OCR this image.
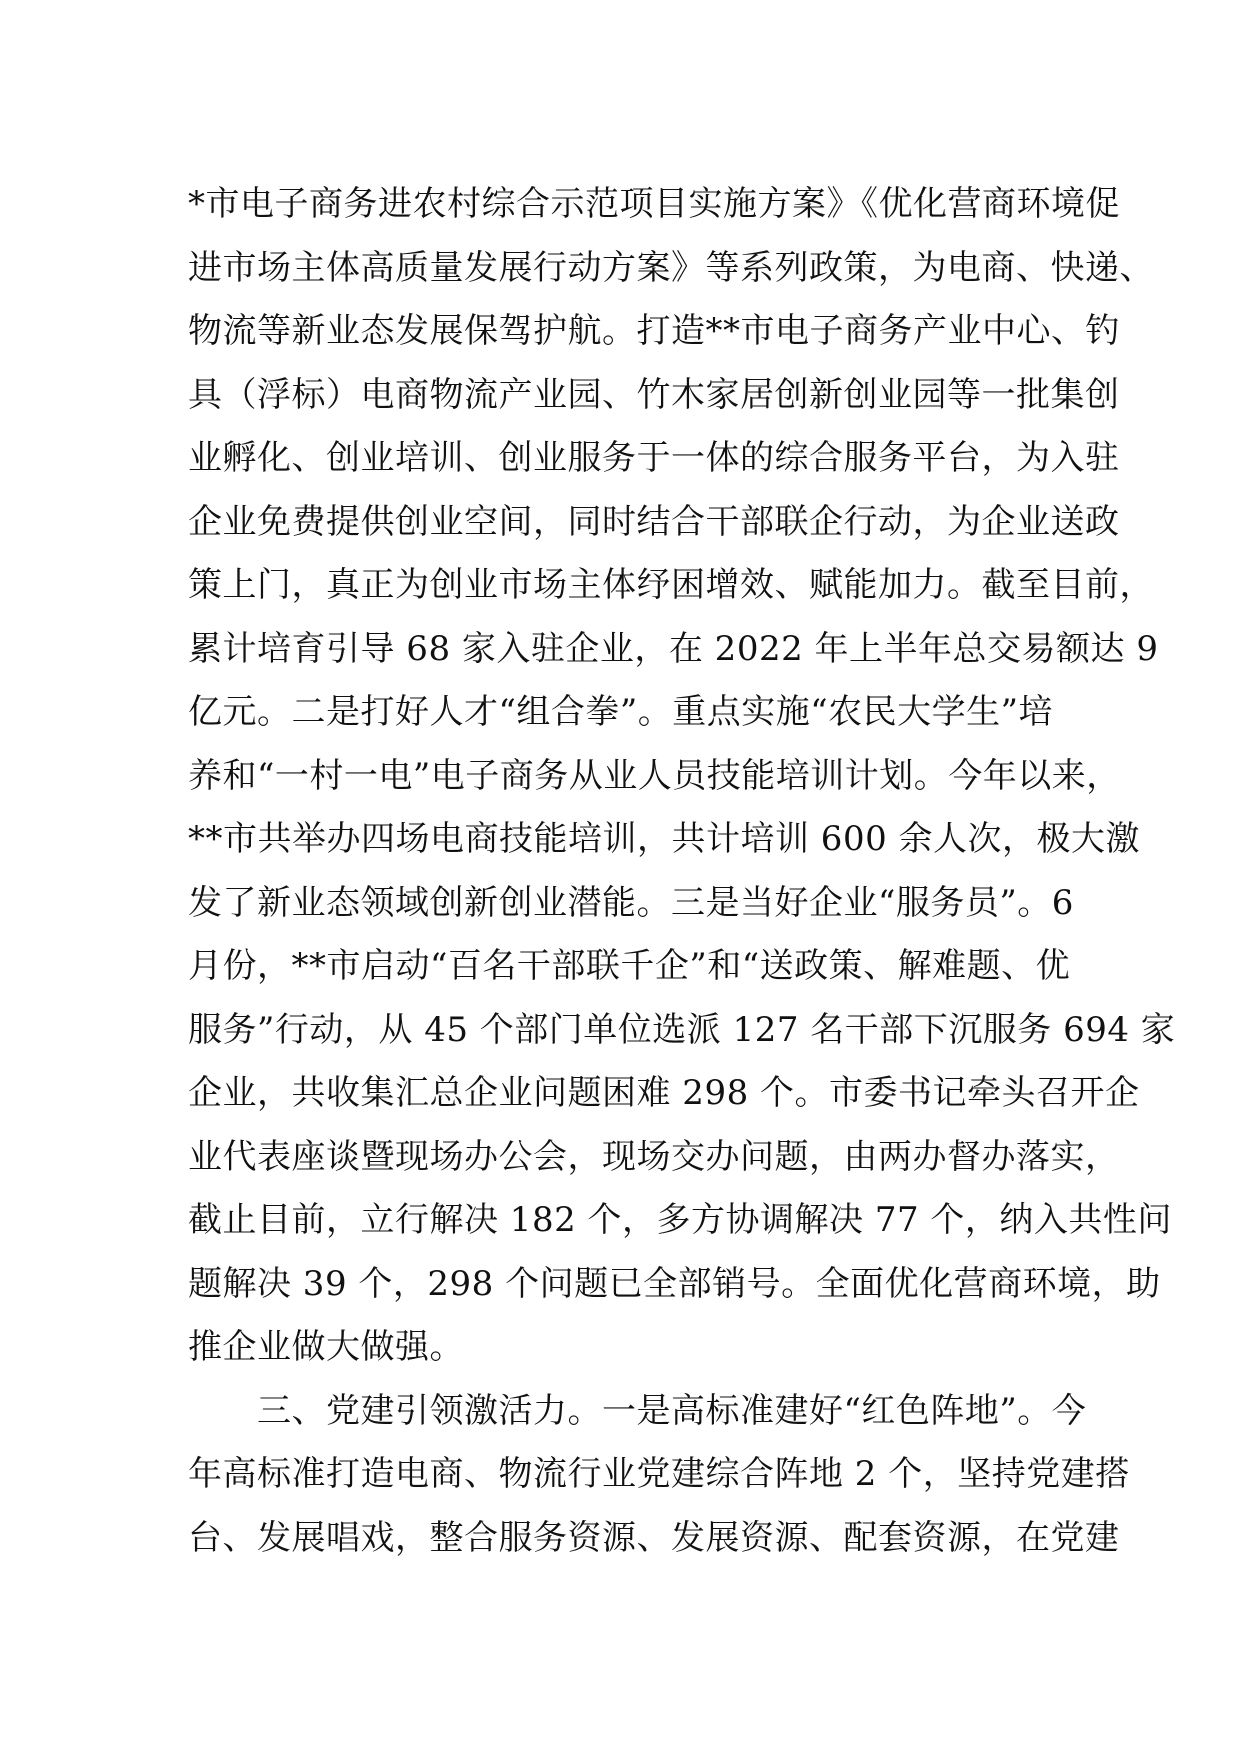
*市电子商务进农村综合示范项目实施方案》《优化营商环境促
进市场主体高质量发展行动方案》等系列政策，为电商、快递、
物流等新业态发展保驾护航。打造**市电子商务产业中心、钓
具（浮标）电商物流产业园、竹木家居创新创业园等一批集创
业孵化、创业培训、创业服务于一体的综合服务平台，为入驻
企业免费提供创业空间，同时结合干部联企行动，为企业送政
策上门，真正为创业市场主体纾困增效、赋能加力。截至目前，
累计培育引导 68 家入驻企业，在 2022 年上半年总交易额达 9
亿元。二是打好人才“组合拳”。重点实施“农民大学生”培
养和“一村一电”电子商务从业人员技能培训计划。今年以来，
**市共举办四场电商技能培训，共计培训 600 余人次，极大激
发了新业态领域创新创业潜能。三是当好企业“服务员”。6
月份，**市启动“百名干部联千企”和“送政策、解难题、优
服务”行动，从 45 个部门单位选派 127 名干部下沉服务 694 家
企业，共收集汇总企业问题困难 298 个。市委书记牵头召开企
业代表座谈暨现场办公会，现场交办问题，由两办督办落实，
截止目前，立行解决 182 个，多方协调解决 77 个，纳入共性问
题解决 39 个，298 个问题已全部销号。全面优化营商环境，助
推企业做大做强。
　　三、党建引领激活力。一是高标准建好“红色阵地”。今
年高标准打造电商、物流行业党建综合阵地 2 个，坚持党建搭
台、发展唱戏，整合服务资源、发展资源、配套资源，在党建
